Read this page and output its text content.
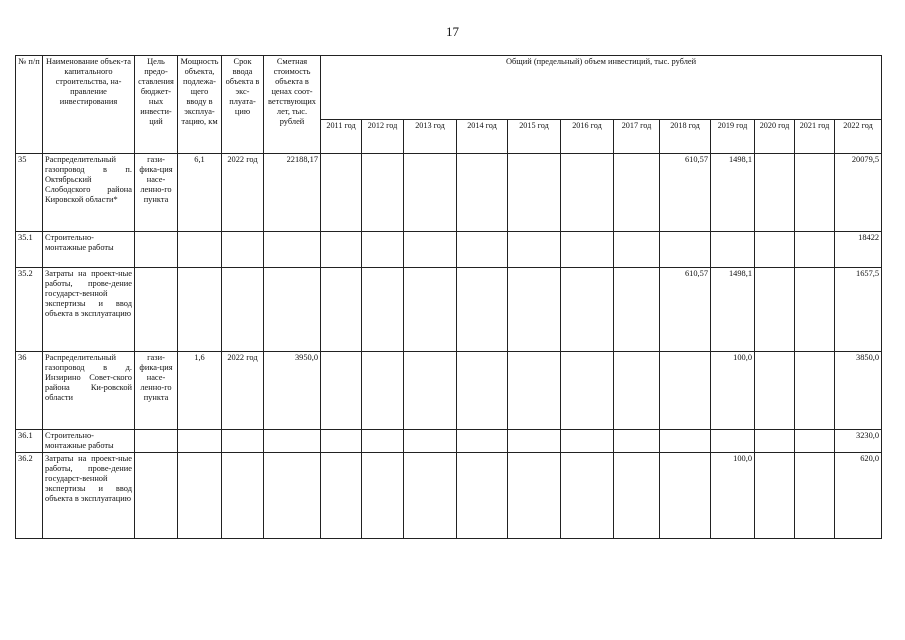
17
№ п/п	Наименование объек-та капитального строительства, на-правление инвестирования	Цель предо-ставления бюджет-ных инвести-ций	Мощность объекта, подлежа-щего вводу в эксплуа-тацию, км	Срок ввода объекта в экс-плуата-цию	Сметная стоимость объекта в ценах соот-ветствующих лет, тыс. рублей	Общий (предельный) объем инвестиций, тыс. рублей											
						2011 год	2012 год	2013 год	2014 год	2015 год	2016 год	2017 год	2018 год	2019 год	2020 год	2021 год	2022 год
35	Распределительный газопровод в п. Октябрьский Слободского района Кировской области*	гази-фика-ция насе-ленно-го пункта	6,1	2022 год	22188,17								610,57	1498,1			20079,5
35.1	Строительно-монтажные работы																18422
35.2	Затраты на проект-ные работы, прове-дение государст-венной экспертизы и ввод объекта в эксплуатацию												610,57	1498,1			1657,5
36	Распределительный газопровод в д. Инзирино Совет-ского района Ки-ровской области	гази-фика-ция насе-ленно-го пункта	1,6	2022 год	3950,0									100,0			3850,0
36.1	Строительно-монтажные работы																3230,0
36.2	Затраты на проект-ные работы, прове-дение государст-венной экспертизы и ввод объекта в эксплуатацию													100,0			620,0
